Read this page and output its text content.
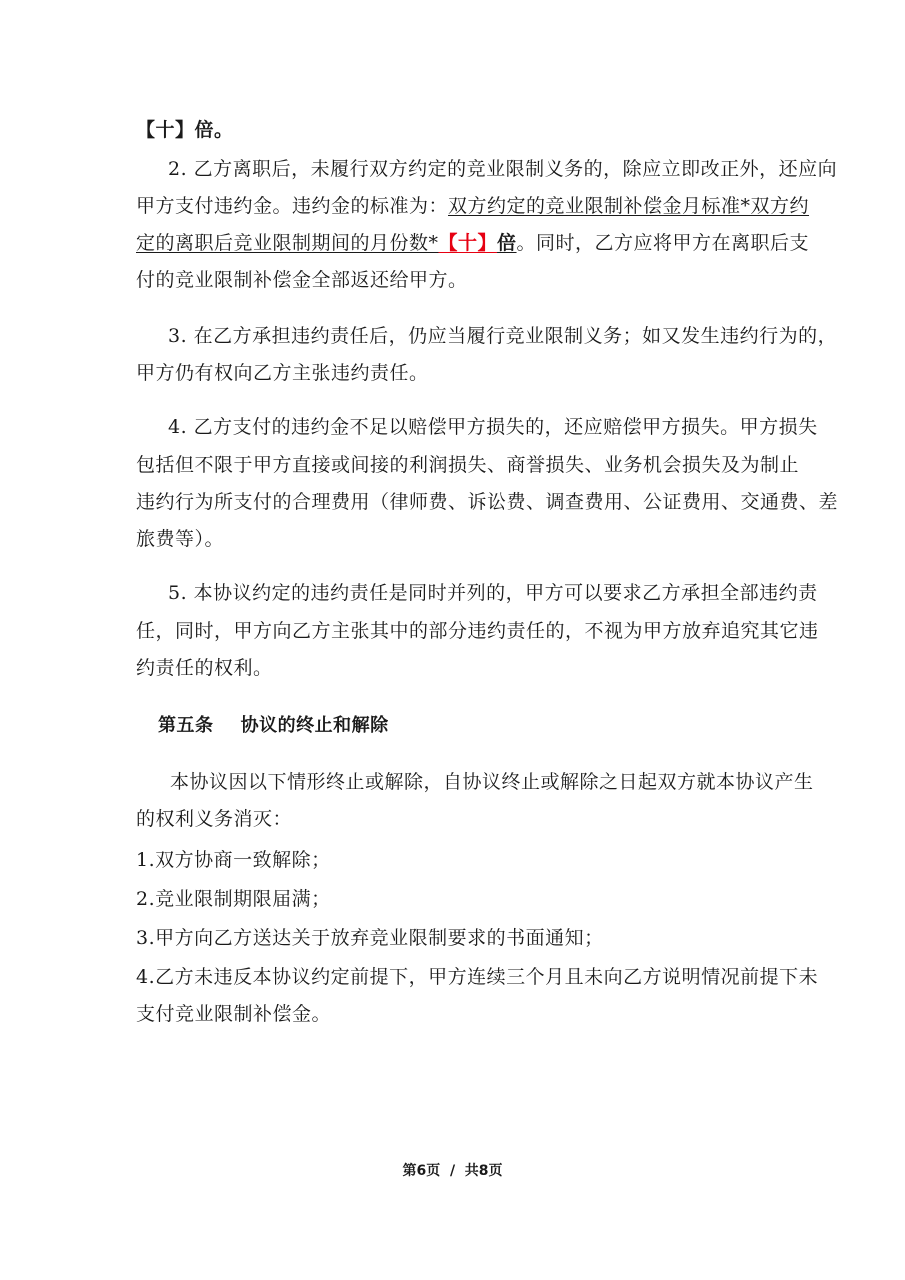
【十】倍。
2. 乙方离职后，未履行双方约定的竞业限制义务的，除应立即改正外，还应向
甲方支付违约金。违约金的标准为：双方约定的竞业限制补偿金月标准*双方约
定的离职后竞业限制期间的月份数*【十】倍。同时，乙方应将甲方在离职后支
付的竞业限制补偿金全部返还给甲方。
3. 在乙方承担违约责任后，仍应当履行竞业限制义务；如又发生违约行为的，
甲方仍有权向乙方主张违约责任。
4. 乙方支付的违约金不足以赔偿甲方损失的，还应赔偿甲方损失。甲方损失
包括但不限于甲方直接或间接的利润损失、商誉损失、业务机会损失及为制止
违约行为所支付的合理费用（律师费、诉讼费、调查费用、公证费用、交通费、差
旅费等）。
5. 本协议约定的违约责任是同时并列的，甲方可以要求乙方承担全部违约责
任，同时，甲方向乙方主张其中的部分违约责任的，不视为甲方放弃追究其它违
约责任的权利。
第五条    协议的终止和解除
本协议因以下情形终止或解除，自协议终止或解除之日起双方就本协议产生
的权利义务消灭：
1.双方协商一致解除；
2.竞业限制期限届满；
3.甲方向乙方送达关于放弃竞业限制要求的书面通知；
4.乙方未违反本协议约定前提下，甲方连续三个月且未向乙方说明情况前提下未
支付竞业限制补偿金。
第6页  /  共8页
